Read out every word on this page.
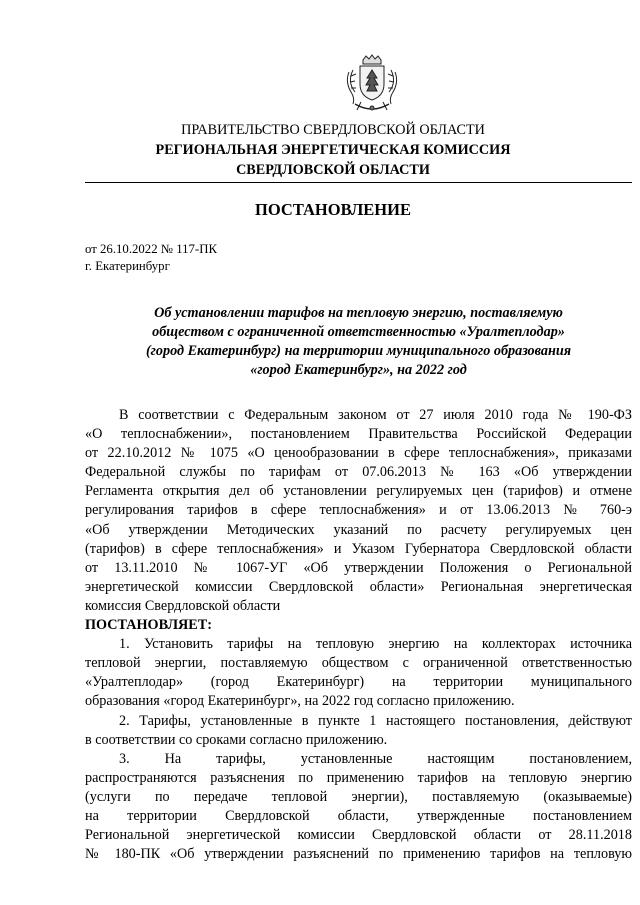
ПРАВИТЕЛЬСТВО СВЕРДЛОВСКОЙ ОБЛАСТИ
РЕГИОНАЛЬНАЯ ЭНЕРГЕТИЧЕСКАЯ КОМИССИЯ
СВЕРДЛОВСКОЙ ОБЛАСТИ
ПОСТАНОВЛЕНИЕ
от 26.10.2022 № 117-ПК
г. Екатеринбург
Об установлении тарифов на тепловую энергию, поставляемую
обществом с ограниченной ответственностью «Уралтеплодар»
(город Екатеринбург) на территории муниципального образования
«город Екатеринбург», на 2022 год
В соответствии с Федеральным законом от 27 июля 2010 года № 190-ФЗ
«О теплоснабжении», постановлением Правительства Российской Федерации
от 22.10.2012 № 1075 «О ценообразовании в сфере теплоснабжения», приказами
Федеральной службы по тарифам от 07.06.2013 № 163 «Об утверждении
Регламента открытия дел об установлении регулируемых цен (тарифов) и отмене
регулирования тарифов в сфере теплоснабжения» и от 13.06.2013 № 760-э
«Об утверждении Методических указаний по расчету регулируемых цен
(тарифов) в сфере теплоснабжения» и Указом Губернатора Свердловской области
от 13.11.2010 № 1067-УГ «Об утверждении Положения о Региональной
энергетической комиссии Свердловской области» Региональная энергетическая
комиссия Свердловской области
ПОСТАНОВЛЯЕТ:
1. Установить тарифы на тепловую энергию на коллекторах источника
тепловой энергии, поставляемую обществом с ограниченной ответственностью
«Уралтеплодар» (город Екатеринбург) на территории муниципального
образования «город Екатеринбург», на 2022 год согласно приложению.
2. Тарифы, установленные в пункте 1 настоящего постановления, действуют
в соответствии со сроками согласно приложению.
3. На тарифы, установленные настоящим постановлением,
распространяются разъяснения по применению тарифов на тепловую энергию
(услуги по передаче тепловой энергии), поставляемую (оказываемые)
на территории Свердловской области, утвержденные постановлением
Региональной энергетической комиссии Свердловской области от 28.11.2018
№ 180-ПК «Об утверждении разъяснений по применению тарифов на тепловую
